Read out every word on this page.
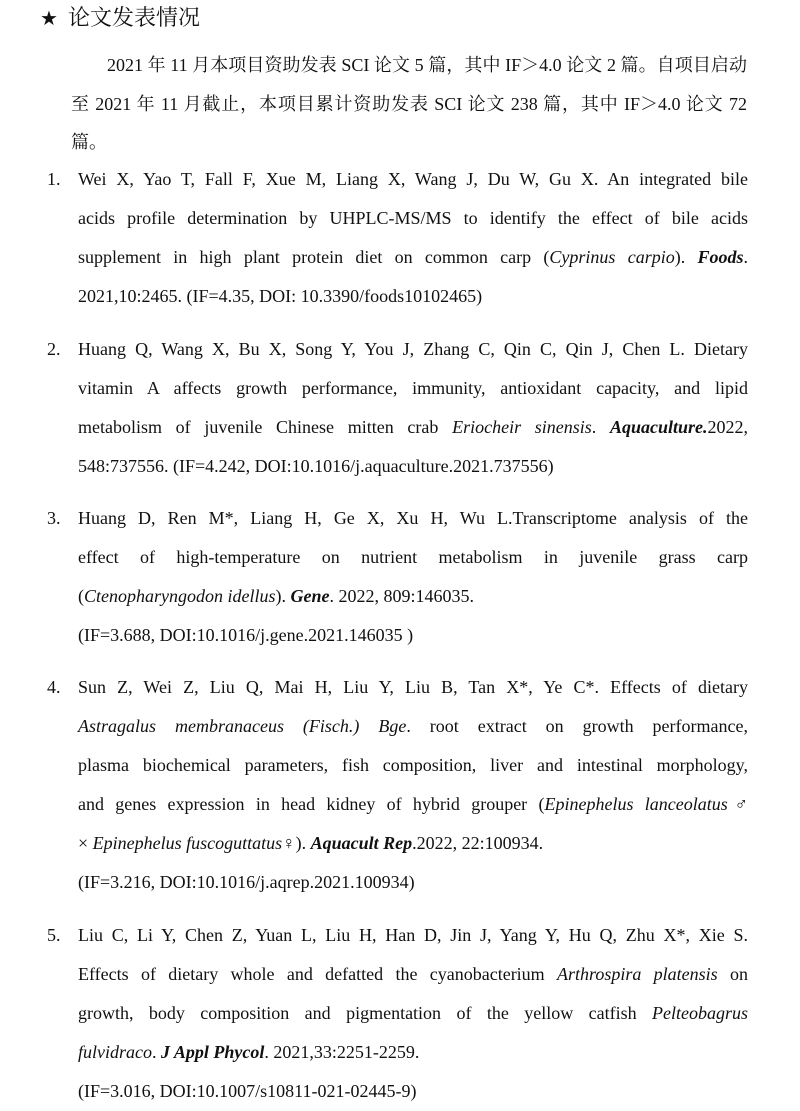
★ 论文发表情况
2021 年 11 月本项目资助发表 SCI 论文 5 篇，其中 IF＞4.0 论文 2 篇。自项目启动至 2021 年 11 月截止，本项目累计资助发表 SCI 论文 238 篇，其中 IF＞4.0 论文 72 篇。
1. Wei X, Yao T, Fall F, Xue M, Liang X, Wang J, Du W, Gu X. An integrated bile
acids profile determination by UHPLC-MS/MS to identify the effect of bile acids
supplement in high plant protein diet on common carp (Cyprinus carpio). Foods.
2021,10:2465. (IF=4.35, DOI: 10.3390/foods10102465)
2. Huang Q, Wang X, Bu X, Song Y, You J, Zhang C, Qin C, Qin J, Chen L. Dietary
vitamin A affects growth performance, immunity, antioxidant capacity, and lipid
metabolism of juvenile Chinese mitten crab Eriocheir sinensis. Aquaculture.2022,
548:737556. (IF=4.242, DOI:10.1016/j.aquaculture.2021.737556)
3. Huang D, Ren M*, Liang H, Ge X, Xu H, Wu L.Transcriptome analysis of the
effect of high-temperature on nutrient metabolism in juvenile grass carp
(Ctenopharyngodon idellus). Gene. 2022, 809:146035.
(IF=3.688, DOI:10.1016/j.gene.2021.146035 )
4. Sun Z, Wei Z, Liu Q, Mai H, Liu Y, Liu B, Tan X*, Ye C*. Effects of dietary
Astragalus membranaceus (Fisch.) Bge. root extract on growth performance,
plasma biochemical parameters, fish composition, liver and intestinal morphology,
and genes expression in head kidney of hybrid grouper (Epinephelus lanceolatus♂
× Epinephelus fuscoguttatus♀). Aquacult Rep.2022, 22:100934.
(IF=3.216, DOI:10.1016/j.aqrep.2021.100934)
5. Liu C, Li Y, Chen Z, Yuan L, Liu H, Han D, Jin J, Yang Y, Hu Q, Zhu X*, Xie S.
Effects of dietary whole and defatted the cyanobacterium Arthrospira platensis on
growth, body composition and pigmentation of the yellow catfish Pelteobagrus
fulvidraco. J Appl Phycol. 2021,33:2251-2259.
(IF=3.016, DOI:10.1007/s10811-021-02445-9)
